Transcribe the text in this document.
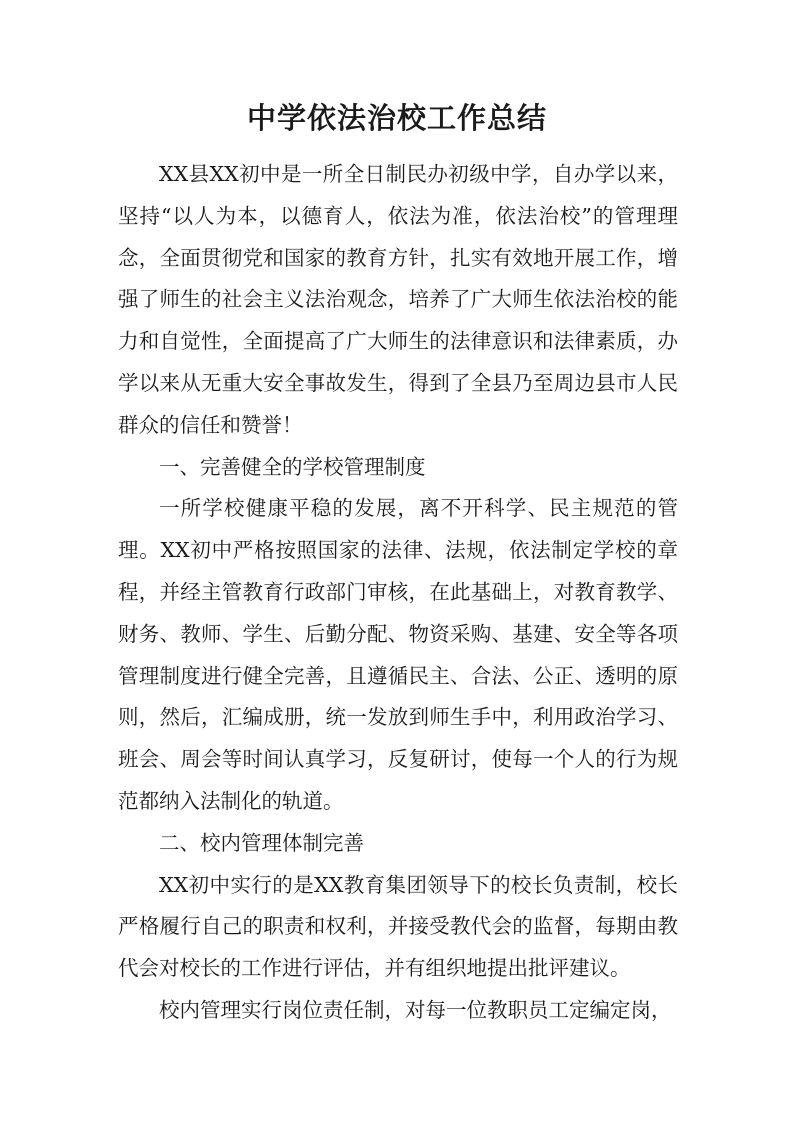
中学依法治校工作总结

XX县XX初中是一所全日制民办初级中学，自办学以来，坚持“以人为本，以德育人，依法为准，依法治校”的管理理念，全面贯彻党和国家的教育方针，扎实有效地开展工作，增强了师生的社会主义法治观念，培养了广大师生依法治校的能力和自觉性，全面提高了广大师生的法律意识和法律素质，办学以来从无重大安全事故发生，得到了全县乃至周边县市人民群众的信任和赞誉！

一、完善健全的学校管理制度

一所学校健康平稳的发展，离不开科学、民主规范的管理。XX初中严格按照国家的法律、法规，依法制定学校的章程，并经主管教育行政部门审核，在此基础上，对教育教学、财务、教师、学生、后勤分配、物资采购、基建、安全等各项管理制度进行健全完善，且遵循民主、合法、公正、透明的原则，然后，汇编成册，统一发放到师生手中，利用政治学习、班会、周会等时间认真学习，反复研讨，使每一个人的行为规范都纳入法制化的轨道。

二、校内管理体制完善

XX初中实行的是XX教育集团领导下的校长负责制，校长严格履行自己的职责和权利，并接受教代会的监督，每期由教代会对校长的工作进行评估，并有组织地提出批评建议。

校内管理实行岗位责任制，对每一位教职员工定编定岗，
